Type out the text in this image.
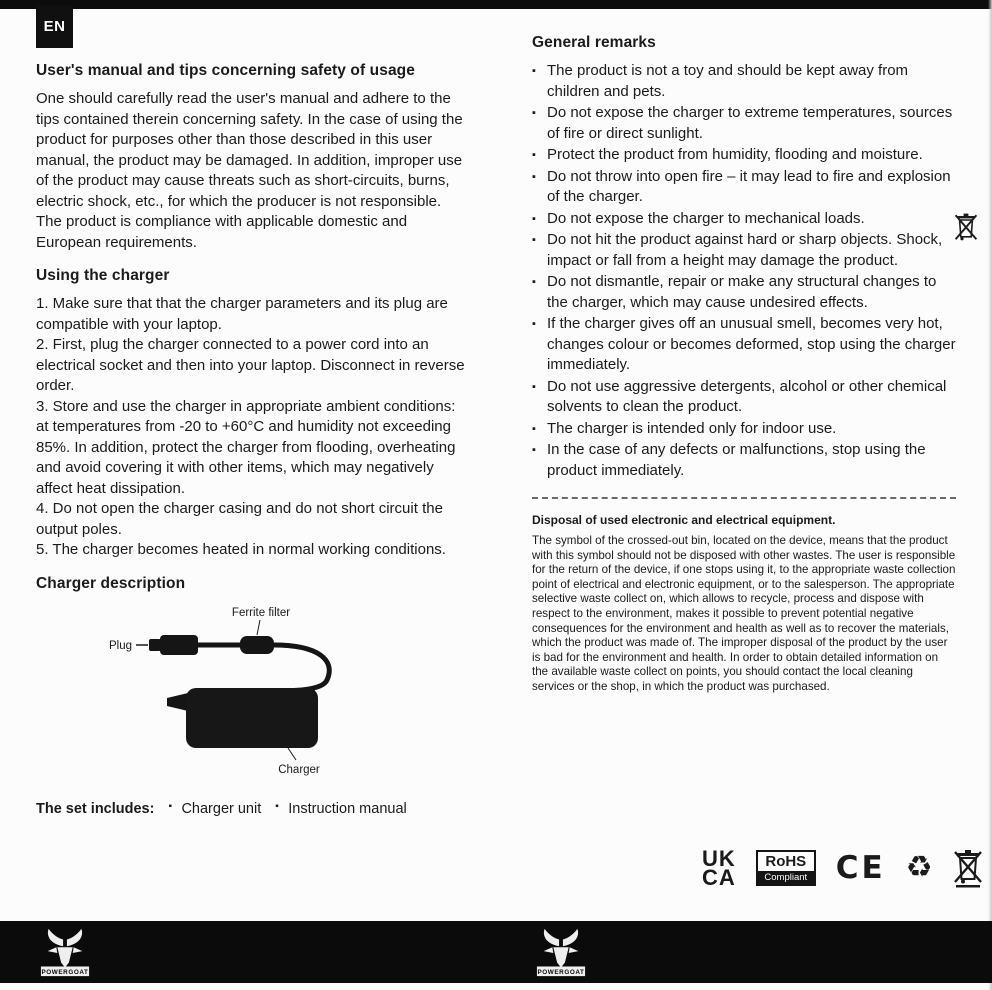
EN
User's manual and tips concerning safety of usage

One should carefully read the user's manual and adhere to the tips contained therein concerning safety. In the case of using the product for purposes other than those described in this user manual, the product may be damaged. In addition, improper use of the product may cause threats such as short-circuits, burns, electric shock, etc., for which the producer is not responsible. The product is compliance with applicable domestic and European requirements.

Using the charger
1. Make sure that that the charger parameters and its plug are compatible with your laptop.
2. First, plug the charger connected to a power cord into an electrical socket and then into your laptop. Disconnect in reverse order.
3. Store and use the charger in appropriate ambient conditions: at temperatures from -20 to +60°C and humidity not exceeding 85%. In addition, protect the charger from flooding, overheating and avoid covering it with other items, which may negatively affect heat dissipation.
4. Do not open the charger casing and do not short circuit the output poles.
5. The charger becomes heated in normal working conditions.
Charger description
Ferrite filter
Plug
Charger
The set includes:	▪ Charger unit	▪ Instruction manual
General remarks
▪ The product is not a toy and should be kept away from children and pets.
▪ Do not expose the charger to extreme temperatures, sources of fire or direct sunlight.
▪ Protect the product from humidity, flooding and moisture.
▪ Do not throw into open fire – it may lead to fire and explosion of the charger.
▪ Do not expose the charger to mechanical loads.
▪ Do not hit the product against hard or sharp objects. Shock, impact or fall from a height may damage the product.
▪ Do not dismantle, repair or make any structural changes to the charger, which may cause undesired effects.
▪ If the charger gives off an unusual smell, becomes very hot, changes colour or becomes deformed, stop using the charger immediately.
▪ Do not use aggressive detergents, alcohol or other chemical solvents to clean the product.
▪ The charger is intended only for indoor use.
▪ In the case of any defects or malfunctions, stop using the product immediately.
Disposal of used electronic and electrical equipment.

The symbol of the crossed-out bin, located on the device, means that the product with this symbol should not be disposed with other wastes. The user is responsible for the return of the device, if one stops using it, to the appropriate waste collection point of electrical and electronic equipment, or to the salesperson. The appropriate selective waste collect on, which allows to recycle, process and dispose with respect to the environment, makes it possible to prevent potential negative consequences for the environment and health as well as to recover the materials, which the product was made of. The improper disposal of the product by the user is bad for the environment and health. In order to obtain detailed information on the available waste collect on points, you should contact the local cleaning services or the shop, in which the product was purchased.

UK
CA
RoHS
Compliant CE ♻
POWERGOAT	POWERGOAT
